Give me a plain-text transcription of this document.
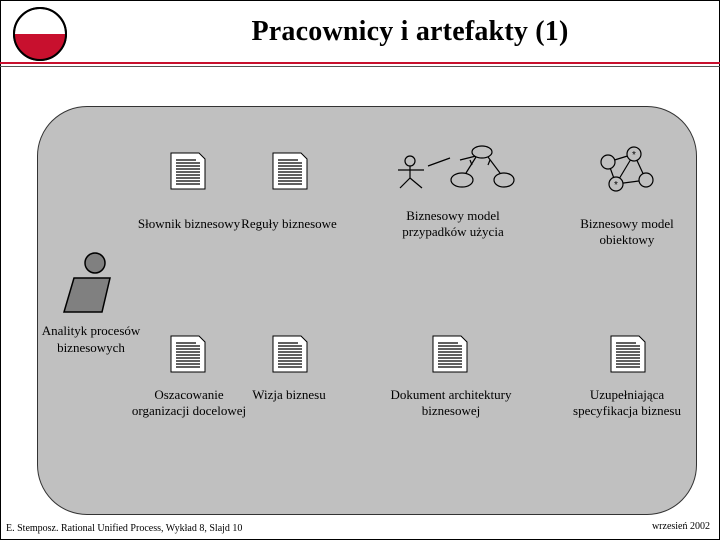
Pracownicy i artefakty (1)
Analityk procesów biznesowych
*
*
Słownik biznesowy Reguły biznesowe
Biznesowy model przypadków użycia
Biznesowy model obiektowy
Oszacowanie organizacji docelowej
Wizja biznesu	Dokument architektury biznesowej
Uzupełniająca specyfikacja biznesu
E. Stemposz. Rational Unified Process, Wykład 8, Slajd 10	wrzesień 2002
